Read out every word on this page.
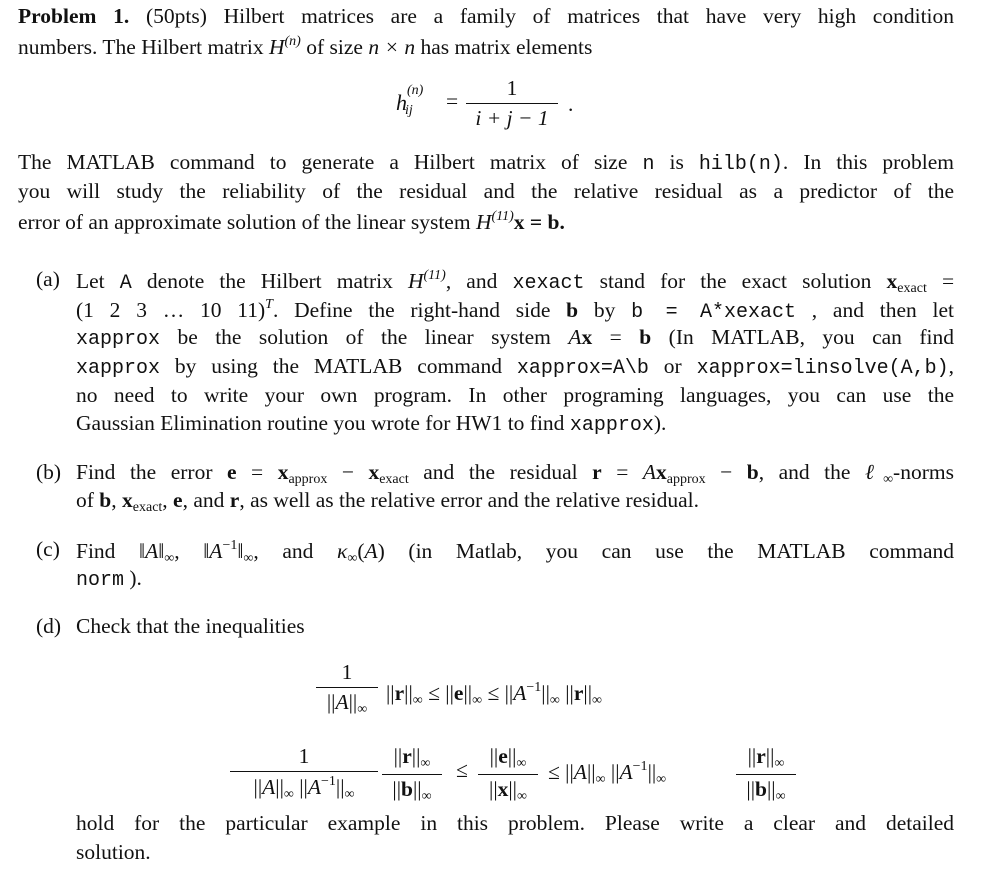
Problem 1. (50pts) Hilbert matrices are a family of matrices that have very high condition
numbers. The Hilbert matrix $H^{(n)}$ of size n × n has matrix elements
$h_{ij}$
(n) =
1
i + j − 1
.
The MATLAB command to generate a Hilbert matrix of size n is hilb(n). In this problem
you will study the reliability of the residual and the relative residual as a predictor of the
error of an approximate solution of the linear system $H^{(11)}x = b$.
(a) Let A denote the Hilbert matrix $H^{(11)}$, and xexact stand for the exact solution $x_{exact}$ =
(1 2 3 … 10 11)$^T$. Define the right-hand side b by b = A*xexact , and then let
xapprox be the solution of the linear system Ax = b (In MATLAB, you can find
xapprox by using the MATLAB command xapprox=A\b or xapprox=linsolve(A,b),
no need to write your own program. In other programing languages, you can use the
Gaussian Elimination routine you wrote for HW1 to find xapprox).
(b) Find the error $e = x_{approx} - x_{exact}$ and the residual $r = Ax_{approx} - b$, and the ℓ$_\infty$-norms
of b, $x_{exact}$, e, and r, as well as the relative error and the relative residual.
(c) Find $‖A‖_\infty$, $‖A^{-1}‖_\infty$, and $\kappa_\infty(A)$ (in Matlab, you can use the MATLAB command
norm ).
(d) Check that the inequalities
1
$||A||_\infty$
$||r||_\infty \le ||e||_\infty \le ||A^{-1}||_\infty$ $||r||_\infty$
1
$||A||_\infty$ $||A^{-1}||_\infty$
$||r||_\infty$
$||b||_\infty$
≤
$||e||_\infty$
$||x||_\infty$
≤ $||A||_\infty$ $||A^{-1}||_\infty$
$||r||_\infty$
$||b||_\infty$
hold for the particular example in this problem. Please write a clear and detailed
solution.
